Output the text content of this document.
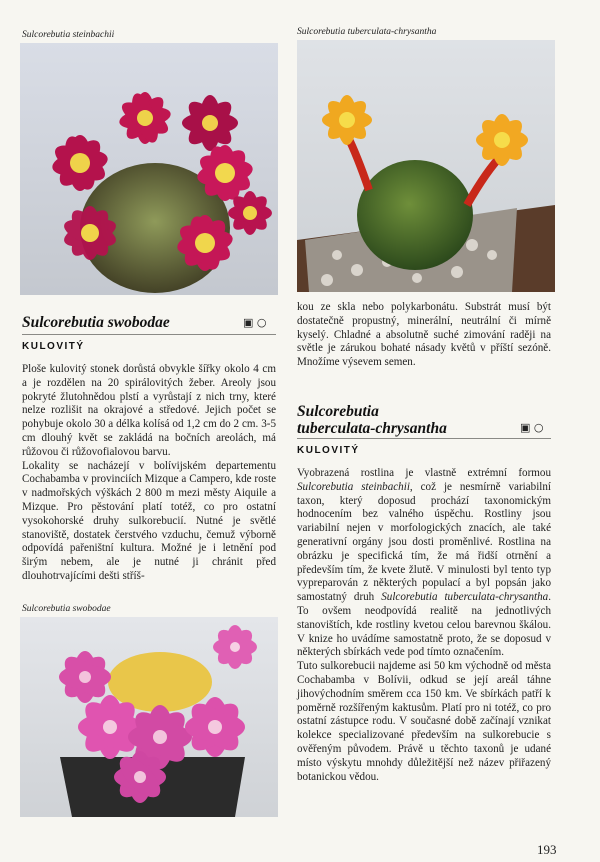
Sulcorebutia steinbachii
Sulcorebutia swobodae	▣ ○
KULOVITÝ

Ploše kulovitý stonek dorůstá obvykle šířky okolo 4 cm a je rozdělen na 20 spirálovitých žeber. Areoly jsou pokryté žlutohnědou plstí a vyrůstají z nich trny, které nelze rozlišit na okrajové a středové. Jejich počet se pohybuje okolo 30 a délka kolísá od 1,2 cm do 2 cm. 3-5 cm dlouhý květ se zakládá na bočních areolách, má růžovou či růžovofialovou barvu.

Lokality se nacházejí v bolívijském departementu Cochabamba v provinciích Mizque a Campero, kde roste v nadmořských výškách 2 800 m mezi městy Aiquile a Mizque. Pro pěstování platí totéž, co pro ostatní vysokohorské druhy sulkorebucií. Nutné je světlé stanoviště, dostatek čerstvého vzduchu, čemuž výborně odpovídá pařeništní kultura. Možné je i letnění pod širým nebem, ale je nutné ji chránit před dlouhotrvajícími dešti stříš-

Sulcorebutia swobodae
Sulcorebutia tuberculata-chrysantha

kou ze skla nebo polykarbonátu. Substrát musí být dostatečně propustný, minerální, neutrální či mírně kyselý. Chladné a absolutně suché zimování raději na světle je zárukou bohaté násady květů v příští sezóně. Množíme výsevem semen.

Sulcorebutia
tuberculata-chrysantha	▣ ○
KULOVITÝ

Vyobrazená rostlina je vlastně extrémní formou Sulcorebutia steinbachii, což je nesmírně variabilní taxon, který doposud prochází taxonomickým hodnocením bez valného úspěchu. Rostliny jsou variabilní nejen v morfologických znacích, ale také generativní orgány jsou dosti proměnlivé. Rostlina na obrázku je specifická tím, že má řidší otrnění a především tím, že kvete žlutě. V minulosti byl tento typ vypreparován z některých populací a byl popsán jako samostatný druh Sulcorebutia tuberculata-chrysantha. To ovšem neodpovídá realitě na jednotlivých stanovištích, kde rostliny kvetou celou barevnou škálou. V knize ho uvádíme samostatně proto, že se doposud v některých sbírkách vede pod tímto označením.

Tuto sulkorebucii najdeme asi 50 km východně od města Cochabamba v Bolívii, odkud se její areál táhne jihovýchodním směrem cca 150 km. Ve sbírkách patří k poměrně rozšířeným kaktusům. Platí pro ni totéž, co pro ostatní zástupce rodu. V současné době začínají vznikat kolekce specializované především na sulkorebucie s ověřeným původem. Právě u těchto taxonů je udané místo výskytu mnohdy důležitější než název přiřazený botanickou vědou.

193
